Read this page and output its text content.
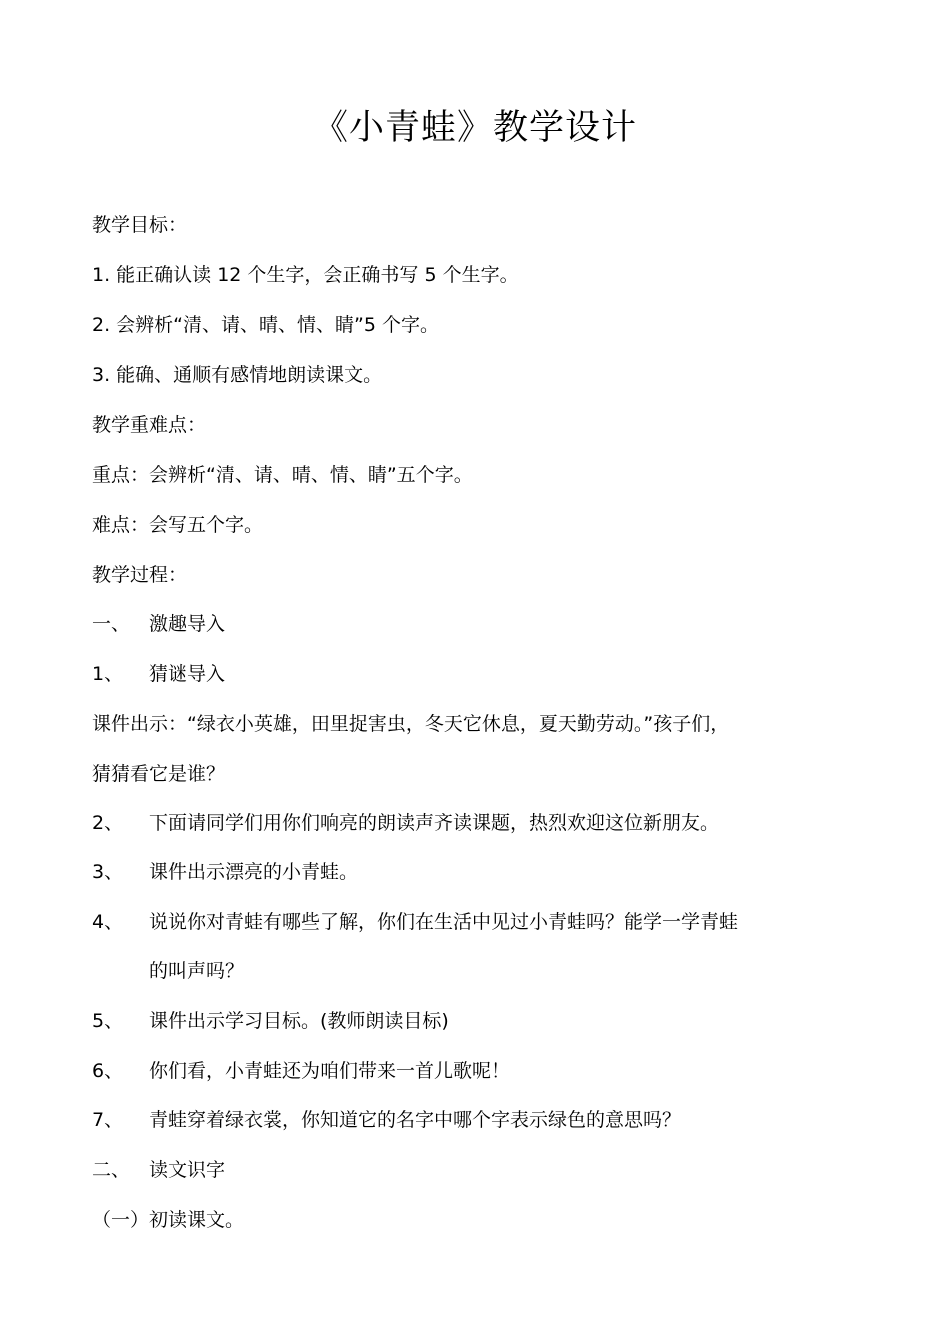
《小青蛙》教学设计
教学目标：
1. 能正确认读 12 个生字，会正确书写 5 个生字。
2. 会辨析“清、请、晴、情、睛”5 个字。
3. 能确、通顺有感情地朗读课文。
教学重难点：
重点：会辨析“清、请、晴、情、睛”五个字。
难点：会写五个字。
教学过程：
一、 激趣导入
1、 猜谜导入
课件出示：“绿衣小英雄，田里捉害虫，冬天它休息，夏天勤劳动。”孩子们，
猜猜看它是谁？
2、 下面请同学们用你们响亮的朗读声齐读课题，热烈欢迎这位新朋友。
3、 课件出示漂亮的小青蛙。
4、 说说你对青蛙有哪些了解，你们在生活中见过小青蛙吗？能学一学青蛙
的叫声吗？
5、 课件出示学习目标。(教师朗读目标)
6、 你们看，小青蛙还为咱们带来一首儿歌呢！
7、 青蛙穿着绿衣裳，你知道它的名字中哪个字表示绿色的意思吗？
二、 读文识字
（一）初读课文。
